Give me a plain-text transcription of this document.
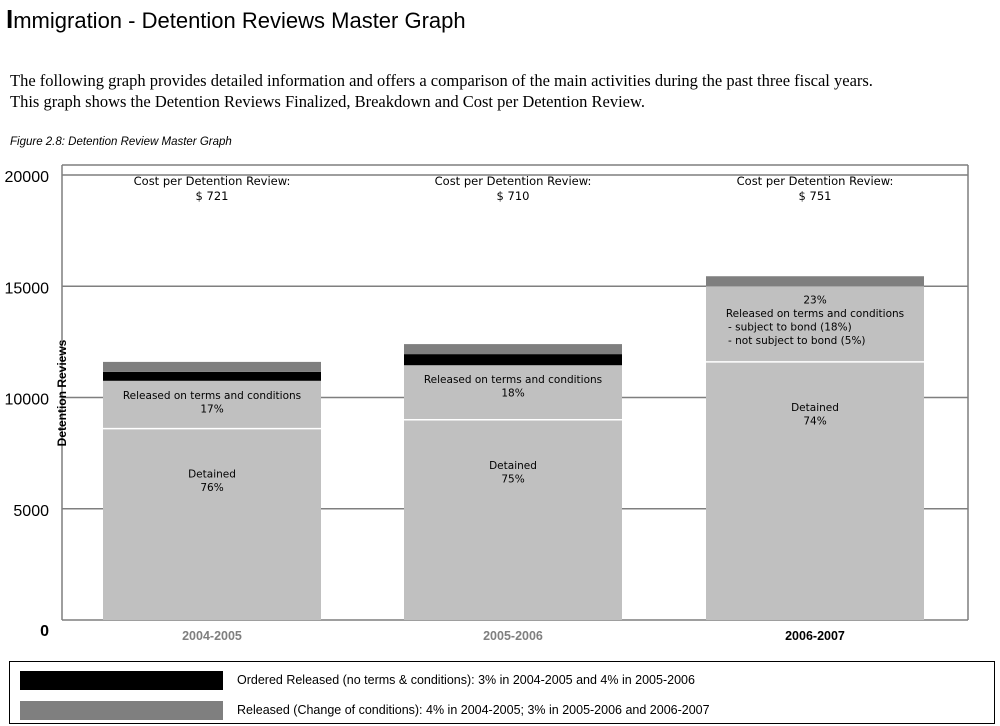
Immigration - Detention Reviews Master Graph

The following graph provides detailed information and offers a comparison of the main activities during the past three fiscal years.

This graph shows the Detention Reviews Finalized, Breakdown and Cost per Detention Review.

Figure 2.8: Detention Review Master Graph
0
5000
10000
15000
20000
Detention Reviews
Detained
76%
Released on terms and conditions
17%
Cost per Detention Review:
$ 721
2004-2005
Detained
75%
Released on terms and conditions
18%
Cost per Detention Review:
$ 710
2005-2006
Detained
74%
23%
Released on terms and conditions
- subject to bond (18%)
- not subject to bond (5%)
Cost per Detention Review:
$ 751
2006-2007
Ordered Released (no terms & conditions): 3% in 2004-2005 and 4% in 2005-2006
Released (Change of conditions): 4% in 2004-2005; 3% in 2005-2006 and 2006-2007
